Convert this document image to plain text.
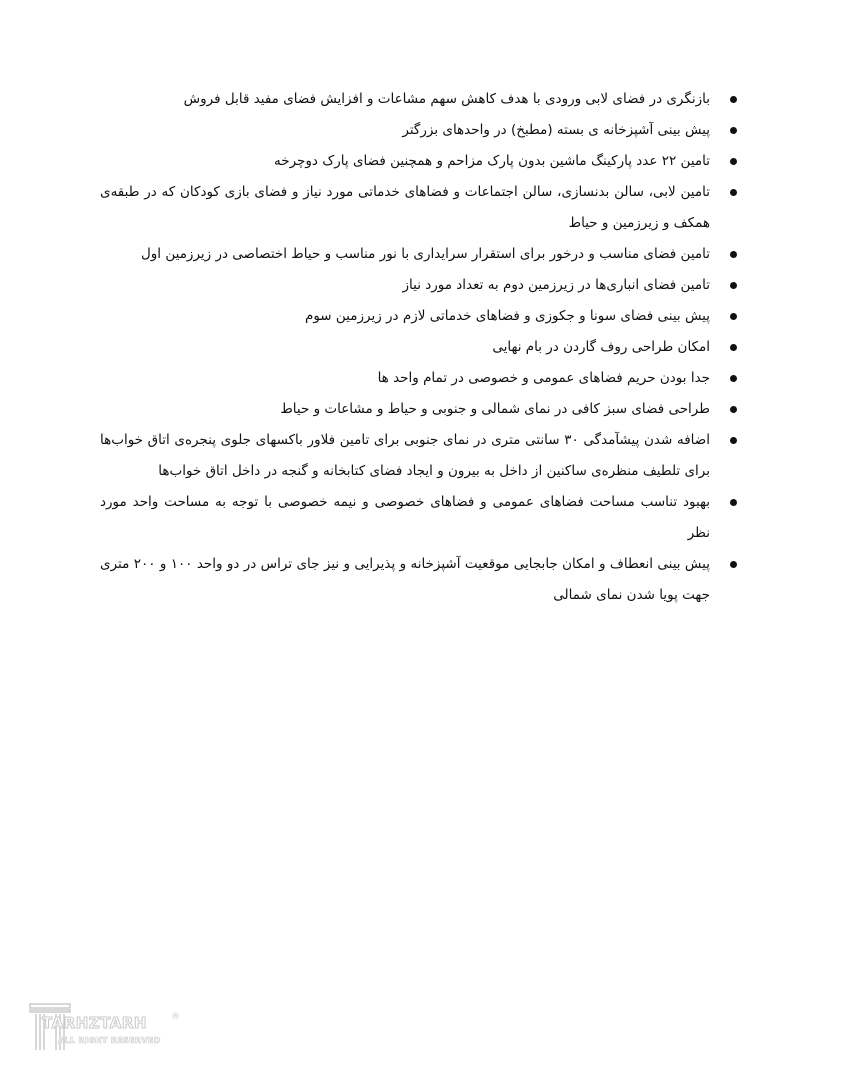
بازنگری در فضای لابی ورودی با هدف کاهش سهم مشاعات و افزایش فضای مفید قابل فروش
پیش بینی آشپزخانه ی بسته (مطبخ) در واحدهای بزرگتر
تامین ۲۲ عدد پارکینگ ماشین بدون پارک مزاحم و همچنین فضای پارک دوچرخه
تامین لابی، سالن بدنسازی، سالن اجتماعات و فضاهای خدماتی مورد نیاز و فضای بازی کودکان که در طبقه‌ی همکف و زیرزمین و حیاط
تامین فضای مناسب و درخور برای استقرار سرایداری با نور مناسب و حیاط اختصاصی در زیرزمین اول
تامین فضای انباری‌ها در زیرزمین دوم به تعداد مورد نیاز
پیش بینی فضای سونا و جکوزی و فضاهای خدماتی لازم در زیرزمین سوم
امکان طراحی روف گاردن در بام نهایی
جدا بودن حریم فضاهای عمومی و خصوصی در تمام واحد ها
طراحی فضای سبز کافی در نمای شمالی و جنوبی و حیاط و مشاعات و حیاط
اضافه شدن پیشآمدگی ۳۰ سانتی متری در نمای جنوبی برای تامین فلاور باکسهای جلوی پنجره‌ی اتاق خواب‌ها برای تلطیف منظره‌ی ساکنین از داخل به بیرون و ایجاد فضای کتابخانه و گنجه در داخل اتاق خواب‌ها
بهبود تناسب مساحت فضاهای عمومی و فضاهای خصوصی و نیمه خصوصی با توجه به مساحت واحد مورد نظر
پیش بینی انعطاف و امکان جابجایی موقعیت آشپزخانه و پذیرایی و نیز جای تراس در دو واحد ۱۰۰ و ۲۰۰ متری جهت پویا شدن نمای شمالی
TARHZTARH
ALL RIGHT RESERVED
®
